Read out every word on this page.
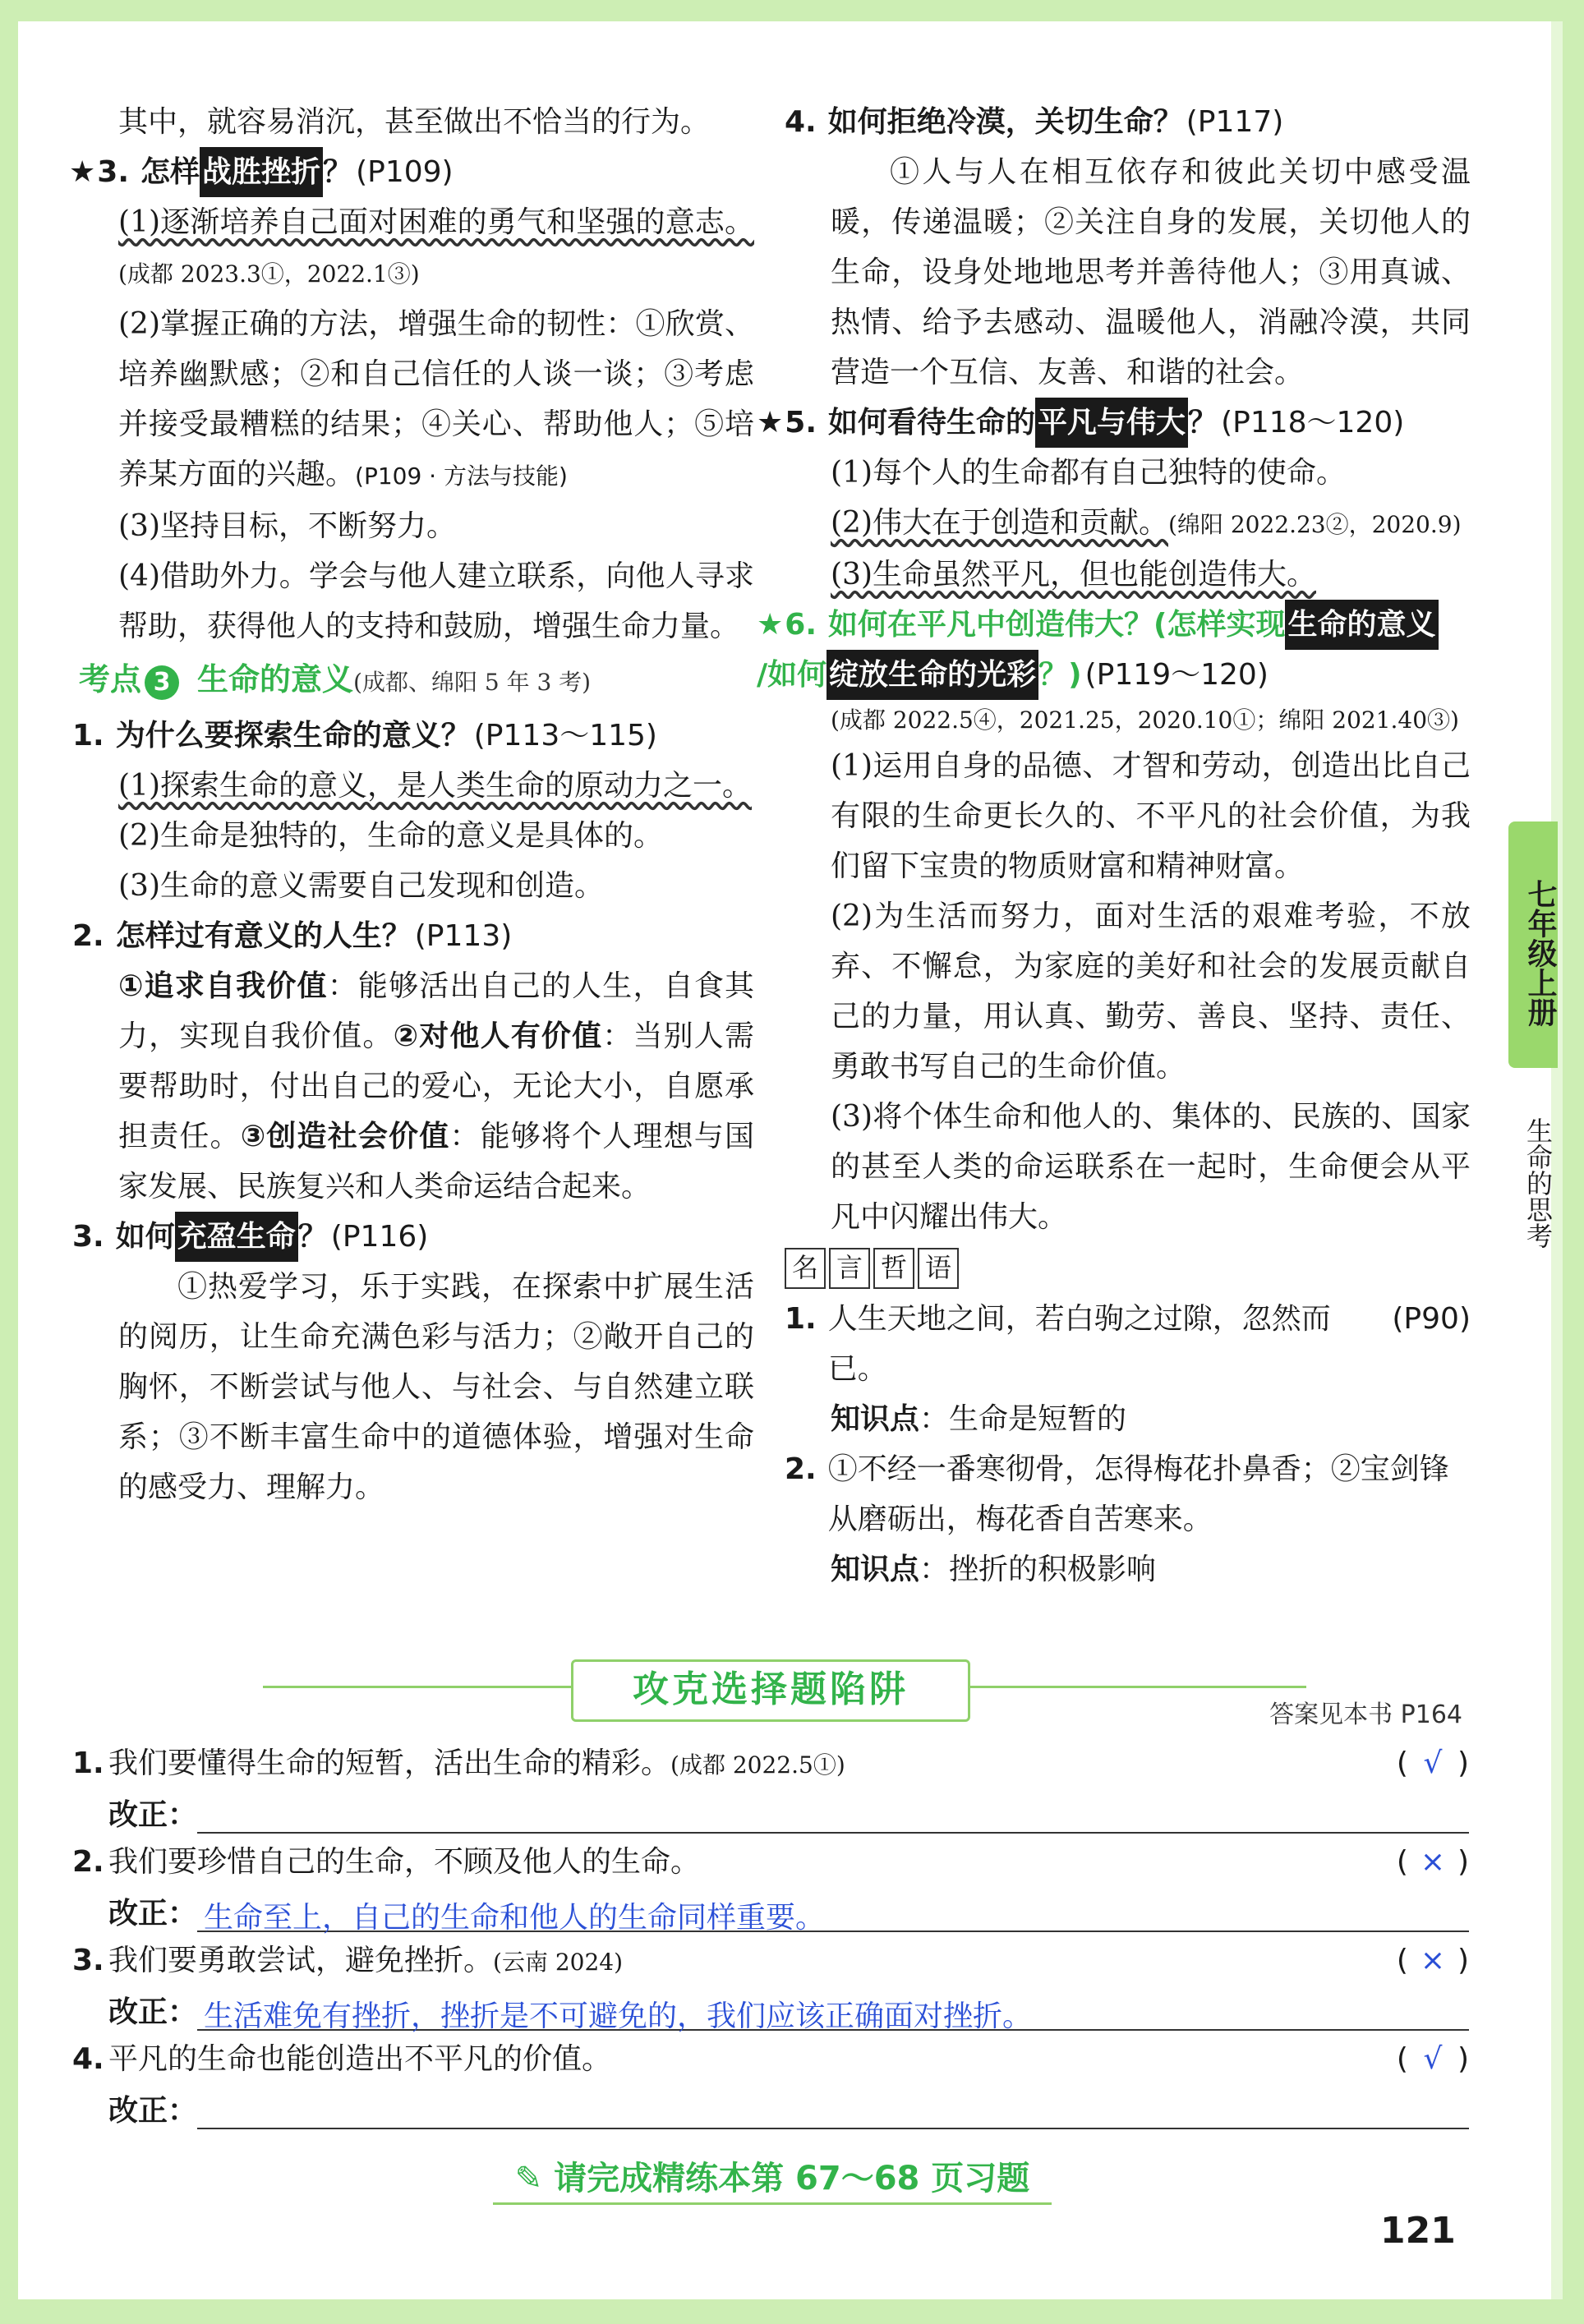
其中，就容易消沉，甚至做出不恰当的行为。

★ 3. 怎样 战胜挫折 ？ (P109)

(1)逐渐培养自己面对困难的勇气和坚强的意志。(成都 2023.3①，2022.1③)

(2)掌握正确的方法，增强生命的韧性：①欣赏、培养幽默感；②和自己信任的人谈一谈；③考虑并接受最糟糕的结果；④关心、帮助他人；⑤培养某方面的兴趣。(P109 · 方法与技能)

(3)坚持目标，不断努力。

(4)借助外力。学会与他人建立联系，向他人寻求帮助，获得他人的支持和鼓励，增强生命力量。

考点 3 生命的意义 (成都、绵阳 5 年 3 考)
1. 为什么要探索生命的意义？ (P113～115)

(1)探索生命的意义，是人类生命的原动力之一。

(2)生命是独特的，生命的意义是具体的。

(3)生命的意义需要自己发现和创造。

2. 怎样过有意义的人生？ (P113)

①追求自我价值：能够活出自己的人生，自食其力，实现自我价值。②对他人有价值：当别人需要帮助时，付出自己的爱心，无论大小，自愿承担责任。③创造社会价值：能够将个人理想与国家发展、民族复兴和人类命运结合起来。

3. 如何 充盈生命 ？ (P116)

①热爱学习，乐于实践，在探索中扩展生活的阅历，让生命充满色彩与活力；②敞开自己的胸怀，不断尝试与他人、与社会、与自然建立联系；③不断丰富生命中的道德体验，增强对生命的感受力、理解力。

4. 如何拒绝冷漠，关切生命？ (P117)

①人与人在相互依存和彼此关切中感受温暖，传递温暖；②关注自身的发展，关切他人的生命，设身处地地思考并善待他人；③用真诚、热情、给予去感动、温暖他人，消融冷漠，共同营造一个互信、友善、和谐的社会。

★ 5. 如何看待生命的 平凡与伟大 ？ (P118～120)

(1)每个人的生命都有自己独特的使命。

(2)伟大在于创造和贡献。(绵阳 2022.23②，2020.9)

(3)生命虽然平凡，但也能创造伟大。

★ 6. 如何在平凡中创造伟大？(怎样实现 生命的意义
/如何 绽放生命的光彩 ？) (P119～120)

(成都 2022.5④，2021.25，2020.10①；绵阳 2021.40③)

(1)运用自身的品德、才智和劳动，创造出比自己有限的生命更长久的、不平凡的社会价值，为我们留下宝贵的物质财富和精神财富。

(2)为生活而努力，面对生活的艰难考验，不放弃、不懈怠，为家庭的美好和社会的发展贡献自己的力量，用认真、勤劳、善良、坚持、责任、勇敢书写自己的生命价值。

(3)将个体生命和他人的、集体的、民族的、国家的甚至人类的命运联系在一起时，生命便会从平凡中闪耀出伟大。

名 言 哲 语
1. 人生天地之间，若白驹之过隙，忽然而已。
(P90)

知识点：生命是短暂的

2. ①不经一番寒彻骨，怎得梅花扑鼻香；②宝剑锋从磨砺出，梅花香自苦寒来。

知识点：挫折的积极影响

七年级上册
生命的思考
攻克选择题陷阱
答案见本书 P164
1. 我们要懂得生命的短暂，活出生命的精彩。(成都 2022.5①)	( √ )
改正：
2. 我们要珍惜自己的生命，不顾及他人的生命。	( × )
改正： 生命至上，自己的生命和他人的生命同样重要。
3. 我们要勇敢尝试，避免挫折。(云南 2024)	( × )
改正： 生活难免有挫折，挫折是不可避免的，我们应该正确面对挫折。
4. 平凡的生命也能创造出不平凡的价值。	( √ )
改正：
✎ 请完成精练本第 67～68 页习题
121
